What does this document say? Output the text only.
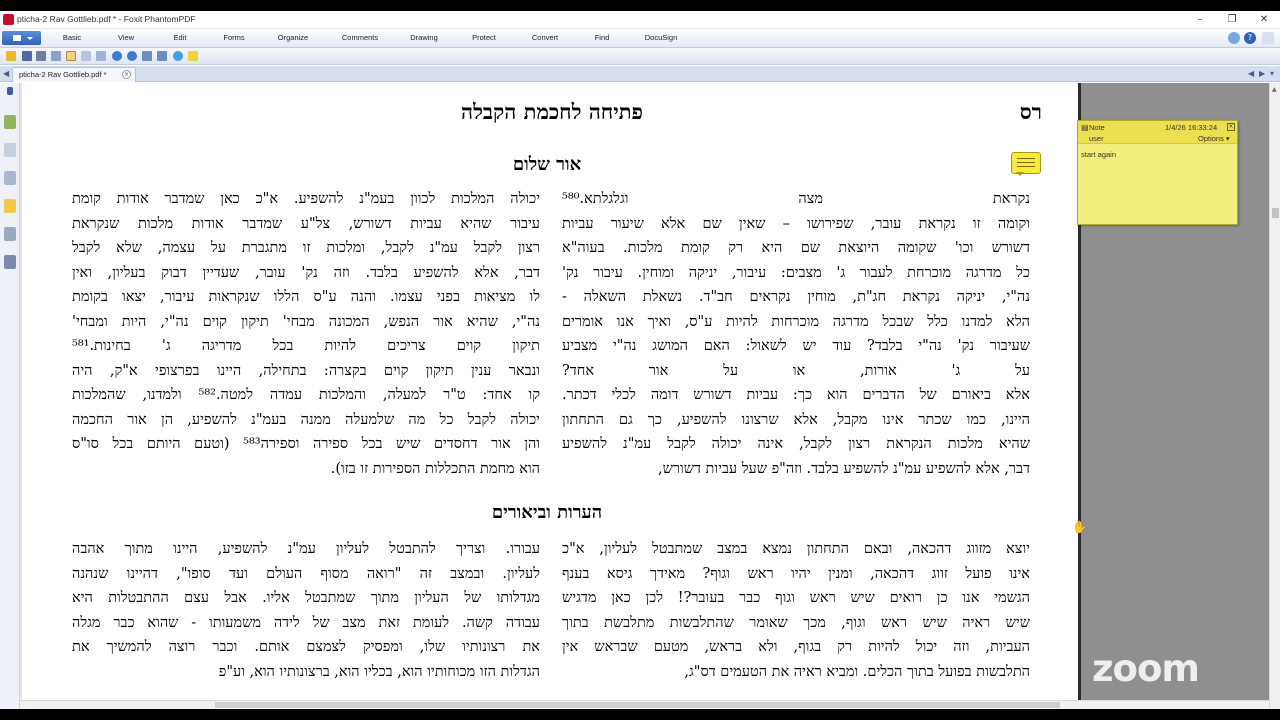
pticha-2 Rav Gottlieb.pdf * - Foxit PhantomPDF	–	❐	✕
Basic	View	Edit	Forms	Organize	Comments	Drawing	Protect	Convert	Find	DocuSign	?
◀ pticha-2 Rav Gottlieb.pdf *	×	◀ ▶ ▾
פתיחה לחכמת הקבלה	רס
אור שלום
נקראת מצה וגלגלתא.⁵⁸⁰
וקומה זו נקראת עובר, שפירושו – שאין שם אלא שיעור עביות
דשורש וכו' שקומה היוצאת שם היא רק קומת מלכות. בעוה"א
כל מדרגה מוכרחת לעבור ג' מצבים: עיבור, יניקה ומוחין. עיבור נק'
נה"י, יניקה נקראת חג"ת, מוחין נקראים חב"ד. נשאלת השאלה -
הלא למדנו כלל שבכל מדרגה מוכרחות להיות ע"ס, ואיך אנו אומרים
שעיבור נק' נה"י בלבד? עוד יש לשאול: האם המושג נה"י מצביע
על ג' אורות, או על אור אחד?
אלא ביאורם של הדברים הוא כך: עביות דשורש דומה לכלי דכתר.
היינו, כמו שכתר אינו מקבל, אלא שרצונו להשפיע, כך גם התחתון
שהיא מלכות הנקראת רצון לקבל, אינה יכולה לקבל עמ"נ להשפיע
דבר, אלא להשפיע עמ"נ להשפיע בלבד. וזה"פ שעל עביות דשורש,
יכולה המלכות לכוון בעמ"נ להשפיע. א"כ כאן שמדבר אודות קומת
עיבור שהיא עביות דשורש, צל"ע שמדבר אודות מלכות שנקראת
רצון לקבל עמ"נ לקבל, ומלכות זו מתגברת על עצמה, שלא לקבל
דבר, אלא להשפיע בלבד. וזה נק' עובר, שעדיין דבוק בעליון, ואין
לו מציאות בפני עצמו. והנה ע"ס הללו שנקראות עיבור, יצאו בקומת
נה"י, שהיא אור הנפש, המכונה מבחי' תיקון קוים נה"י, היות ומבחי'
תיקון קוים צריכים להיות בכל מדריגה ג' בחינות.⁵⁸¹
ונבאר ענין תיקון קוים בקצרה: בתחילה, היינו בפרצופי א"ק, היה
קו אחד: ט"ר למעלה, והמלכות עמדה למטה.⁵⁸² ולמדנו, שהמלכות
יכולה לקבל כל מה שלמעלה ממנה בעמ"נ להשפיע, הן אור החכמה
והן אור דחסדים שיש בכל ספירה וספירה⁵⁸³ (וטעם היותם בכל סו"ס
הוא מחמת התכללות הספירות זו בזו).
הערות וביאורים
יוצא מזווג דהכאה, ובאם התחתון נמצא במצב שמתבטל לעליון, א"כ
אינו פועל זווג דהכאה, ומנין יהיו ראש וגוף? מאידך גיסא בענף
הגשמי אנו כן רואים שיש ראש וגוף כבר בעובר?! לכן כאן מדגיש
שיש ראיה שיש ראש וגוף, מכך שאומר שהתלבשות מתלבשת בתוך
העביות, וזה יכול להיות רק בגוף, ולא בראש, מטעם שבראש אין
התלבשות בפועל בתוך הכלים. ומביא ראיה את הטעמים דס"ג,
עבורו. וצריך להתבטל לעליון עמ"נ להשפיע, היינו מתוך אהבה
לעליון. ובמצב זה "רואה מסוף העולם ועד סופו", דהיינו שנהנה
מגדלותו של העליון מתוך שמתבטל אליו. אבל עצם ההתבטלות היא
עבודה קשה. לעומת זאת מצב של לידה משמעותו - שהוא כבר מגלה
את רצונותיו שלו, ומפסיק לצמצם אותם. וכבר רוצה להמשיך את
הגדלות הזו מכוחותיו הוא, בכליו הוא, ברצונותיו הוא, וע"פ
✋
▤ Note	1/4/26 16:33:24 ×
user	Options ▾
start again
▲
zoom
